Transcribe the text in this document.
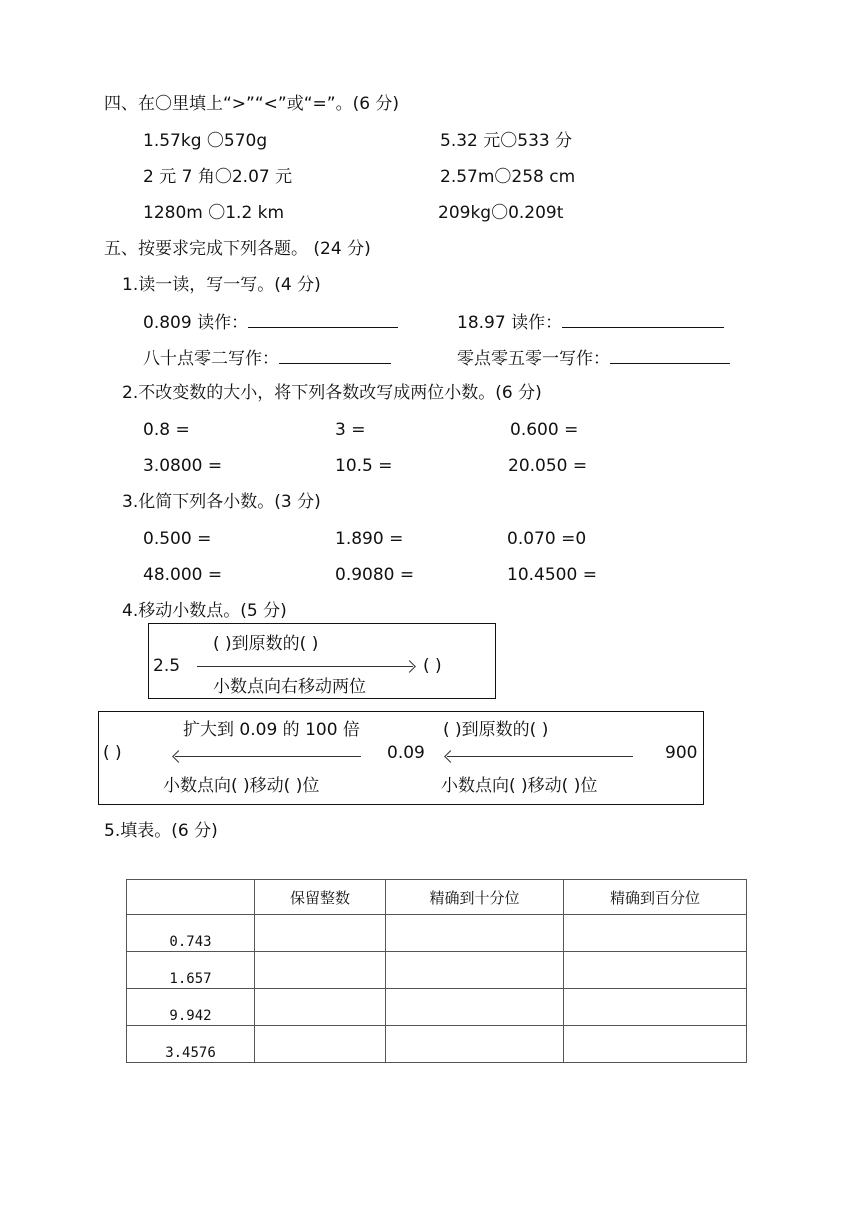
四、在〇里填上“>”“<”或“=”。(6 分)
1.57kg 〇570g	5.32 元〇533 分
2 元 7 角〇2.07 元	2.57m〇258 cm
1280m 〇1.2 km	209kg〇0.209t
五、按要求完成下列各题。 (24 分)
1.读一读，写一写。(4 分)
0.809 读作：	18.97 读作：
八十点零二写作：	零点零五零一写作：
2.不改变数的大小，将下列各数改写成两位小数。(6 分)
0.8 =	3 =	0.600 =
3.0800 =	10.5 =	20.050 =
3.化简下列各小数。(3 分)
0.500 =	1.890 =	0.070 =0
48.000 =	0.9080 =	10.4500 =
4.移动小数点。(5 分)
( )到原数的( )
2.5	( )
小数点向右移动两位
扩大到 0.09 的 100 倍
( )	0.09
小数点向( )移动( )位
( )到原数的( )
900
小数点向( )移动( )位
5.填表。(6 分)
	保留整数	精确到十分位	精确到百分位
0.743			
1.657			
9.942			
3.4576			
